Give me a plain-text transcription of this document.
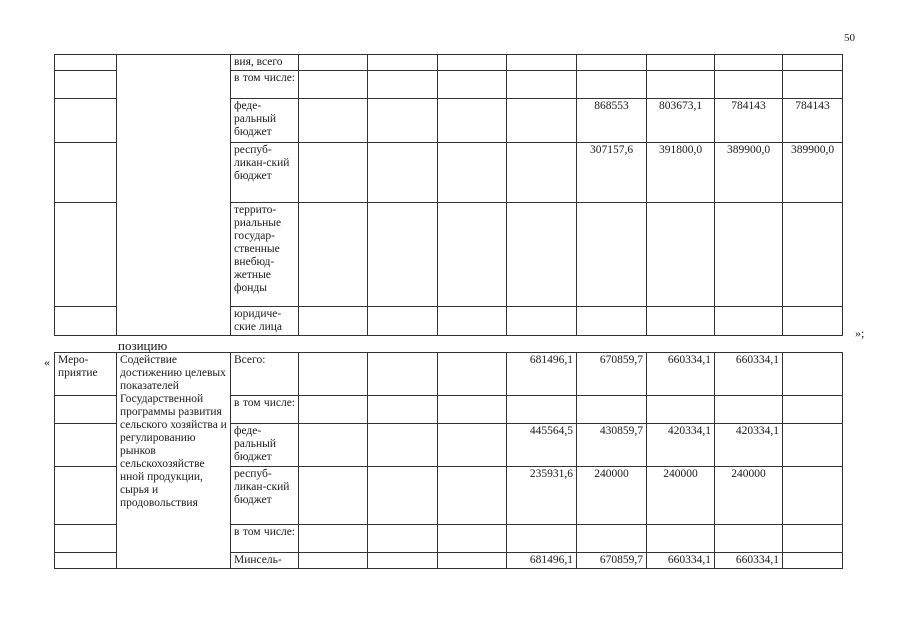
50
		вия, всего								
		в том числе:								
		феде-ральный бюджет					868553	803673,1	784143	784143
		респуб-ликан-ский бюджет					307157,6	391800,0	389900,0	389900,0
		террито-риальные государ-ственные внебюд-жетные фонды								
		юридиче-ские лица									»;
позицию
« Меро-приятие	Содействие достижению целевых показателей Государственной программы развития сельского хозяйства и регулированию рынков сельскохозяйстве нной продукции, сырья и продовольствия	Всего:				681496,1	670859,7	660334,1	660334,1	
		в том числе:								
		феде-ральный бюджет				445564,5	430859,7	420334,1	420334,1	
		респуб-ликан-ский бюджет				235931,6	240000	240000	240000	
		в том числе:								
		Минсель-				681496,1	670859,7	660334,1	660334,1	
